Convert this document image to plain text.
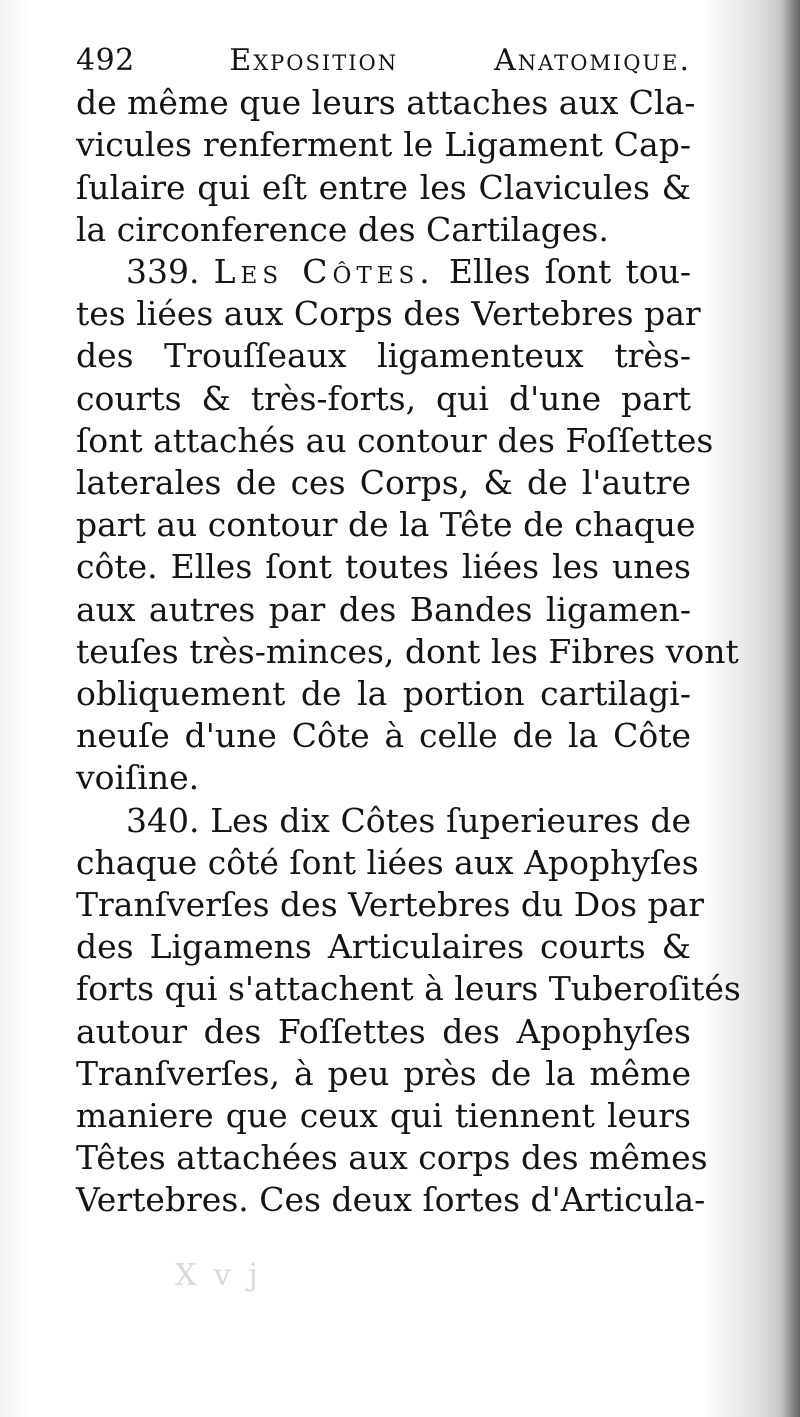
492	Exposition Anatomique.
de même que leurs attaches aux Cla-
vicules renferment le Ligament Cap-
ſulaire qui eſt entre les Clavicules &
la circonference des Cartilages.
339. Les Côtes. Elles ſont tou-
tes liées aux Corps des Vertebres par
des Trouſſeaux ligamenteux très-
courts & très-forts, qui d'une part
ſont attachés au contour des Foſſettes
laterales de ces Corps, & de l'autre
part au contour de la Tête de chaque
côte. Elles ſont toutes liées les unes
aux autres par des Bandes ligamen-
teuſes très-minces, dont les Fibres vont
obliquement de la portion cartilagi-
neuſe d'une Côte à celle de la Côte
voiſine.
340. Les dix Côtes ſuperieures de
chaque côté ſont liées aux Apophyſes
Tranſverſes des Vertebres du Dos par
des Ligamens Articulaires courts &
forts qui s'attachent à leurs Tuberoſités
autour des Foſſettes des Apophyſes
Tranſverſes, à peu près de la même
maniere que ceux qui tiennent leurs
Têtes attachées aux corps des mêmes
Vertebres. Ces deux ſortes d'Articula-
X v j
